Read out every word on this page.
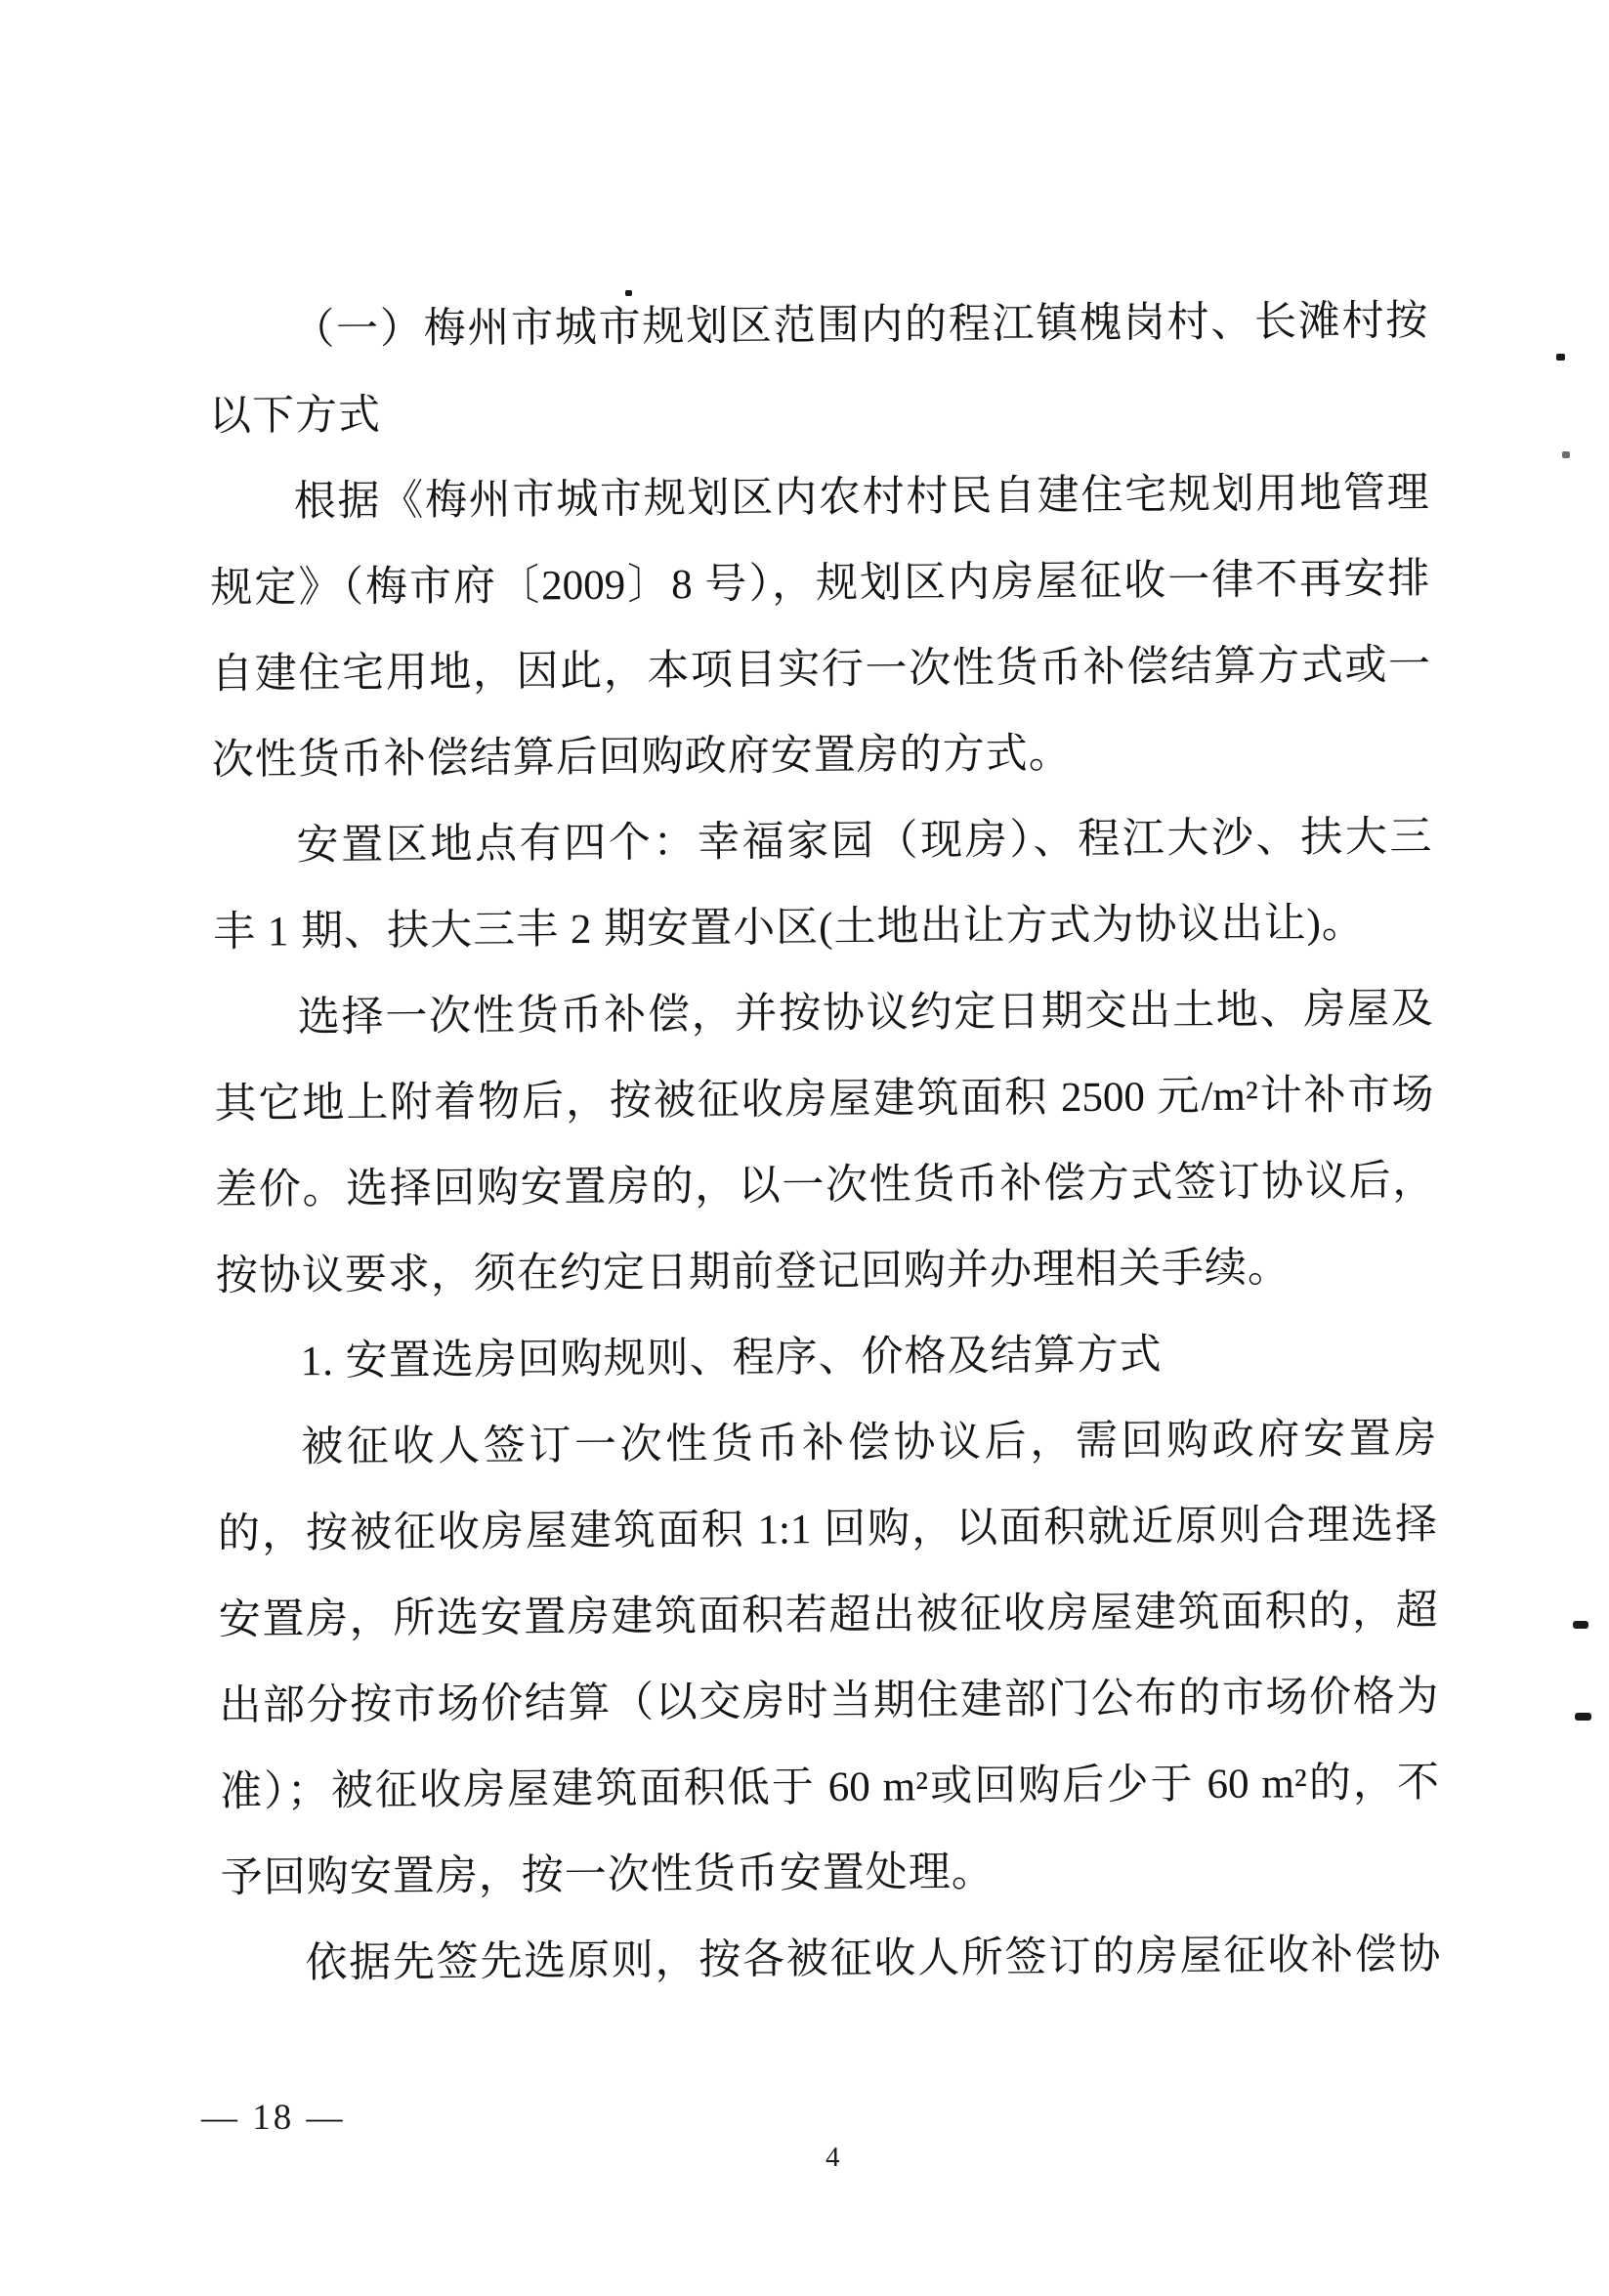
（一）梅州市城市规划区范围内的程江镇槐岗村、长滩村按
以下方式
根据《梅州市城市规划区内农村村民自建住宅规划用地管理
规定》（梅市府〔2009〕8 号），规划区内房屋征收一律不再安排
自建住宅用地，因此，本项目实行一次性货币补偿结算方式或一
次性货币补偿结算后回购政府安置房的方式。
安置区地点有四个：幸福家园（现房）、程江大沙、扶大三
丰 1 期、扶大三丰 2 期安置小区(土地出让方式为协议出让)。
选择一次性货币补偿，并按协议约定日期交出土地、房屋及
其它地上附着物后，按被征收房屋建筑面积 2500 元/m²计补市场
差价。选择回购安置房的，以一次性货币补偿方式签订协议后，
按协议要求，须在约定日期前登记回购并办理相关手续。
1. 安置选房回购规则、程序、价格及结算方式
被征收人签订一次性货币补偿协议后，需回购政府安置房
的，按被征收房屋建筑面积 1:1 回购，以面积就近原则合理选择
安置房，所选安置房建筑面积若超出被征收房屋建筑面积的，超
出部分按市场价结算（以交房时当期住建部门公布的市场价格为
准）；被征收房屋建筑面积低于 60 m²或回购后少于 60 m²的，不
予回购安置房，按一次性货币安置处理。
依据先签先选原则，按各被征收人所签订的房屋征收补偿协
— 18 —
4
